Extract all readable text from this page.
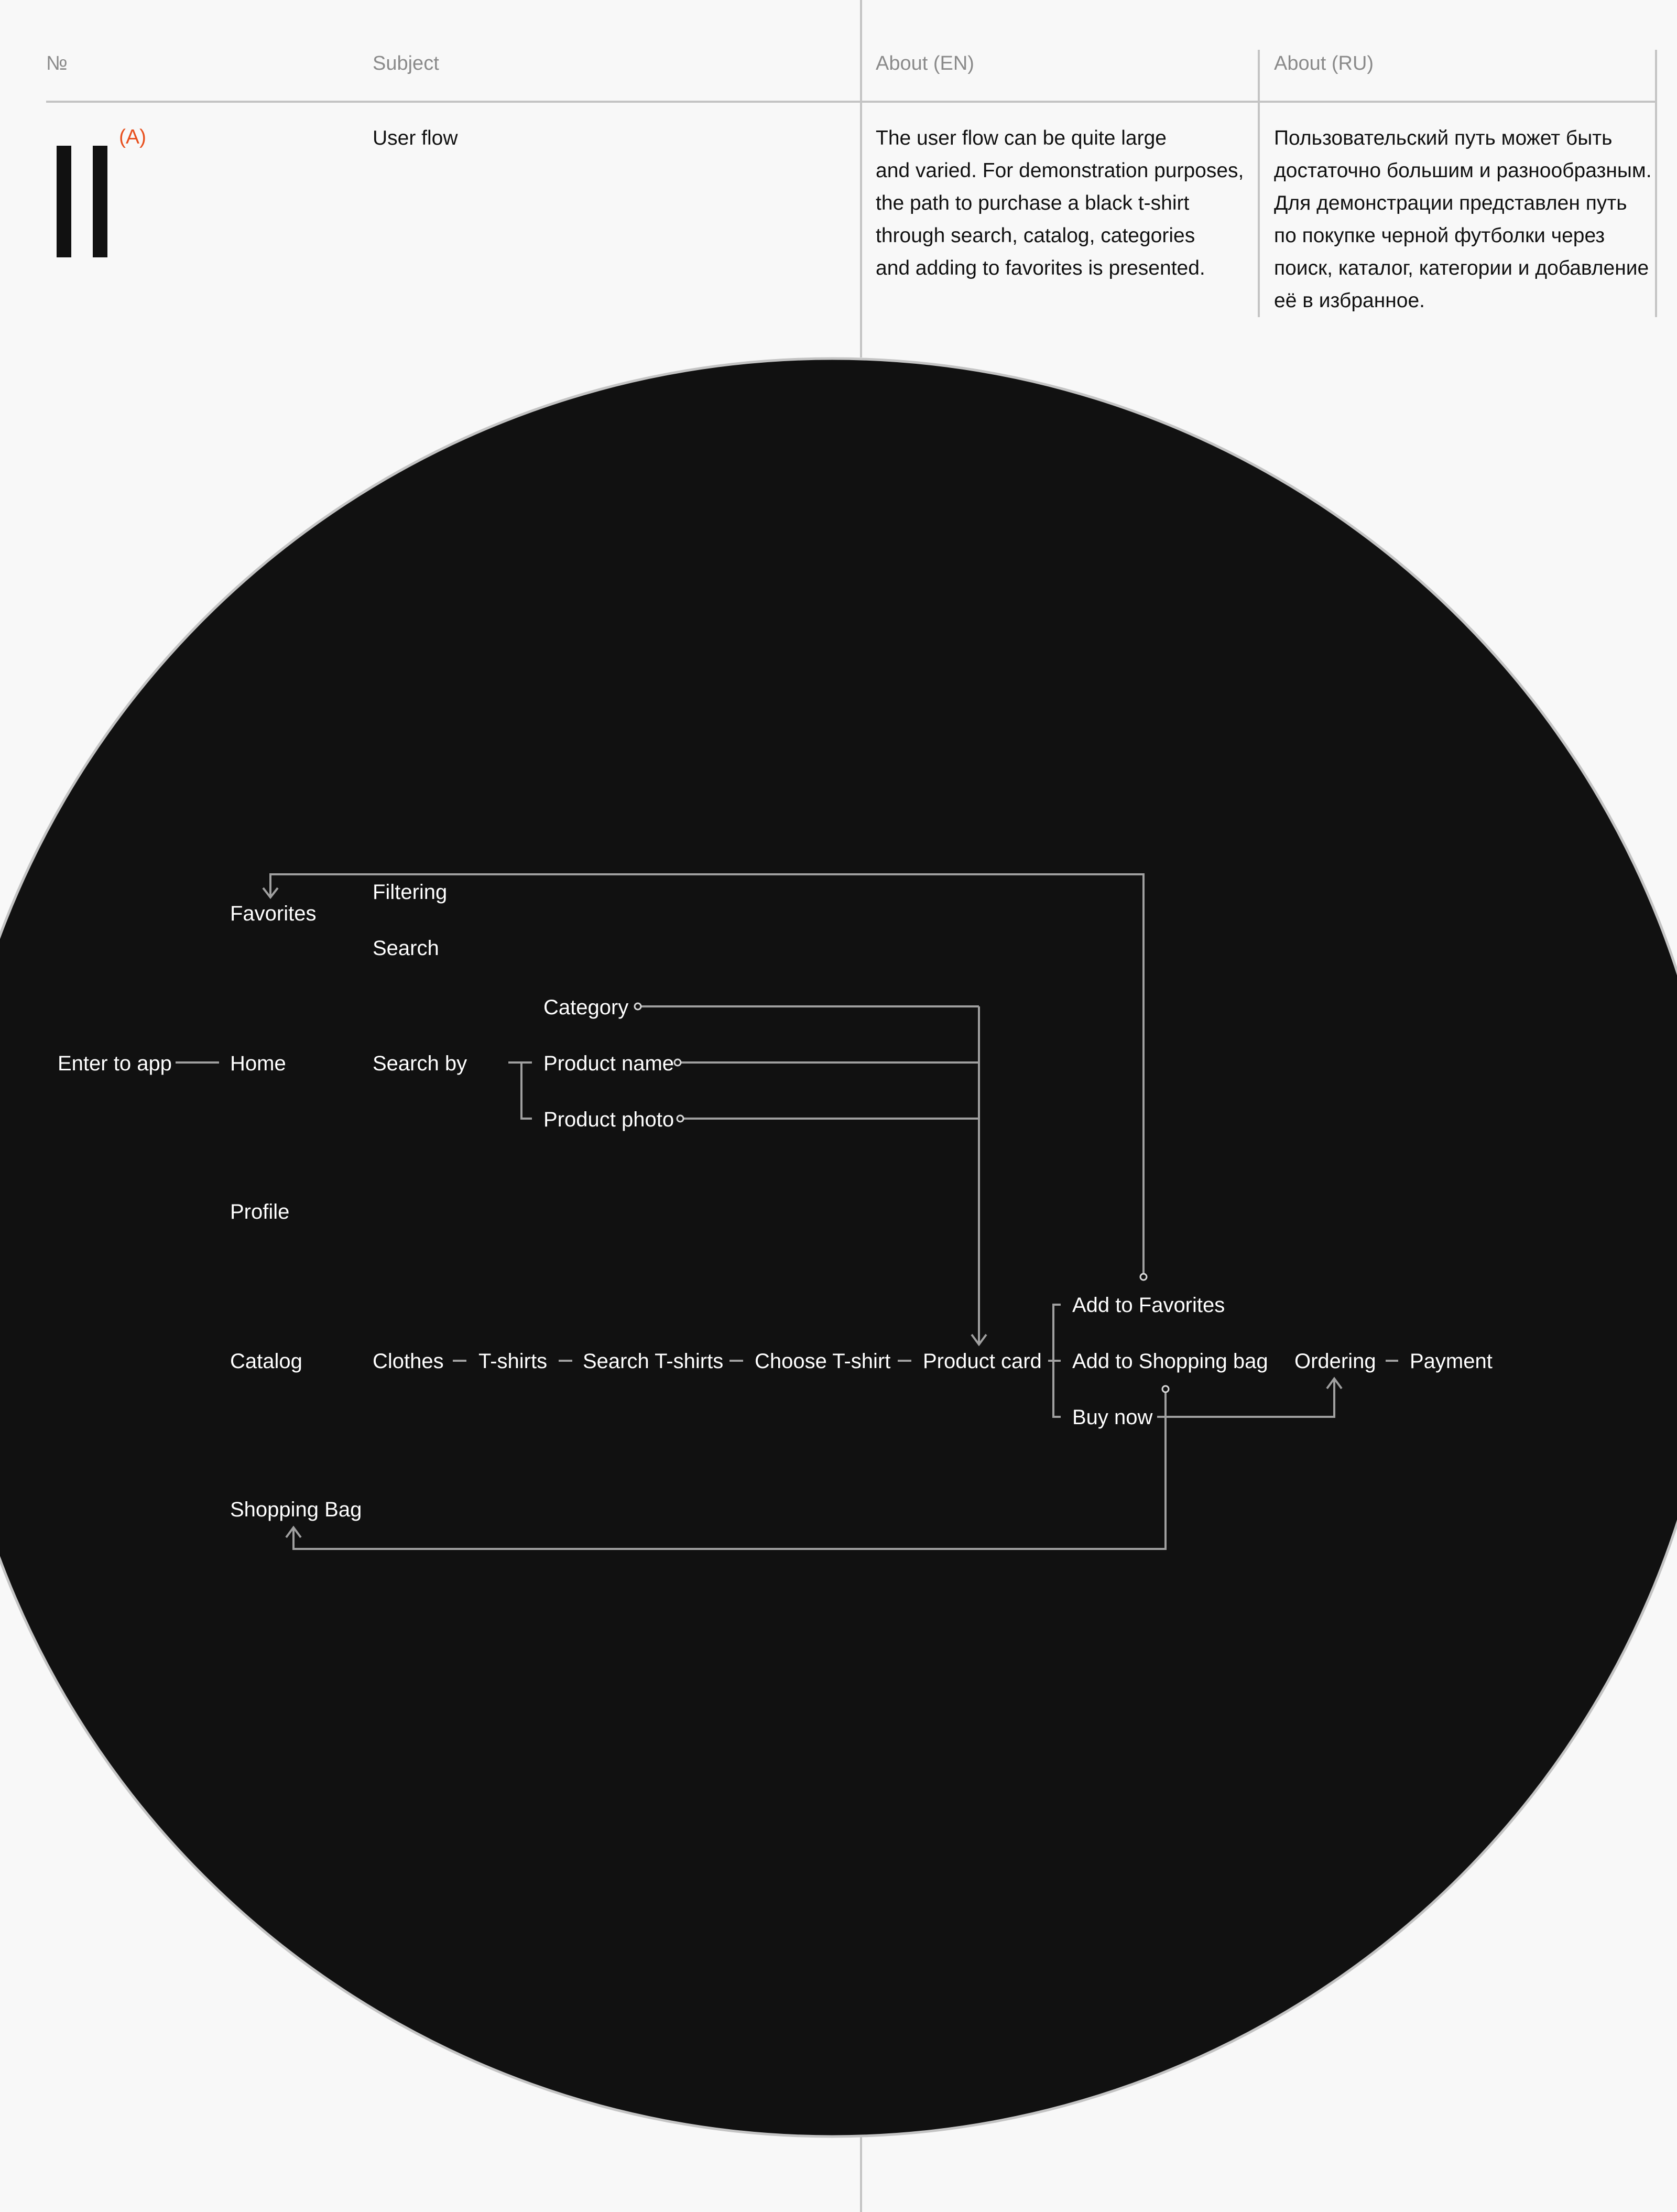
№	Subject	About (EN)	About (RU)
(A)	User flow	The user flow can be quite large
and varied. For demonstration purposes,
the path to purchase a black t-shirt
through search, catalog, categories
and adding to favorites is presented.
Пользовательский путь может быть
достаточно большим и разнообразным.
Для демонстрации представлен путь
по покупке черной футболки через
поиск, каталог, категории и добавление
её в избранное.
Favorites
Filtering
Search
Category
Enter to app	Home	Search by	Product name
Product photo
Profile
Add to Favorites
Catalog	Clothes T-shirts Search T-shirts Choose T-shirt Product card Add to Shopping bag Ordering Payment
Buy now
Shopping Bag
